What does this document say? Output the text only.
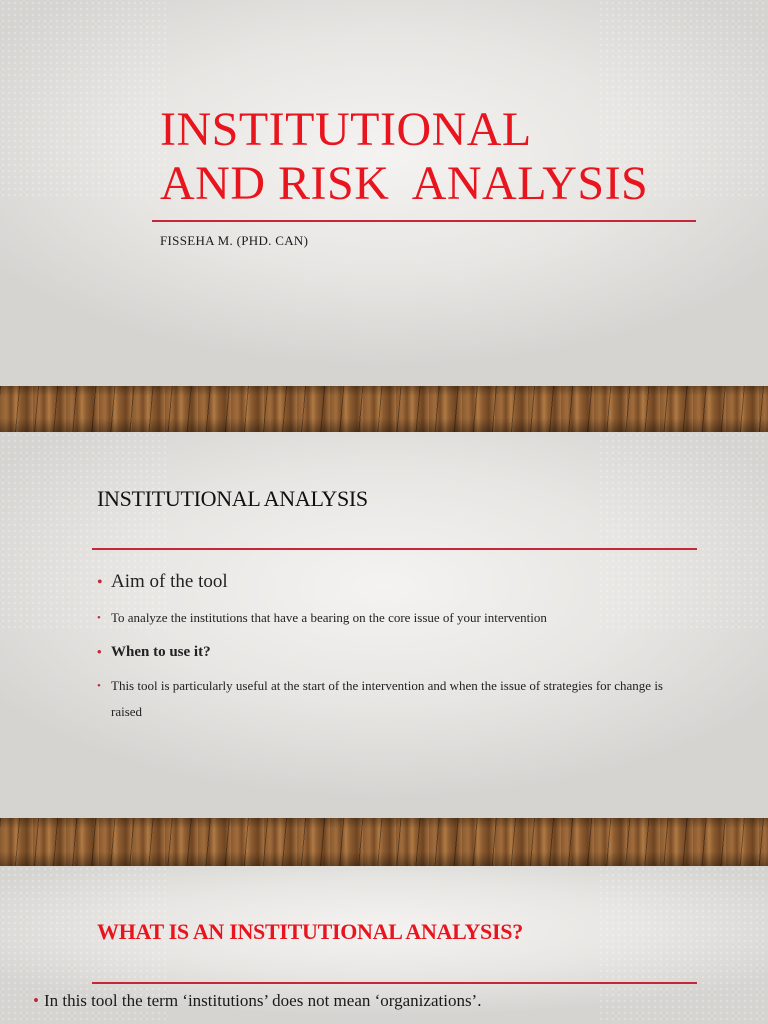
INSTITUTIONAL
AND RISK  ANALYSIS

FISSEHA M. (PHD. CAN)

INSTITUTIONAL ANALYSIS
• Aim of the tool
• To analyze the institutions that have a bearing on the core issue of your intervention
• When to use it?
• This tool is particularly useful at the start of the intervention and when the issue of strategies for change is raised
WHAT IS AN INSTITUTIONAL ANALYSIS?

• In this tool the term ‘institutions’ does not mean ‘organizations’.
